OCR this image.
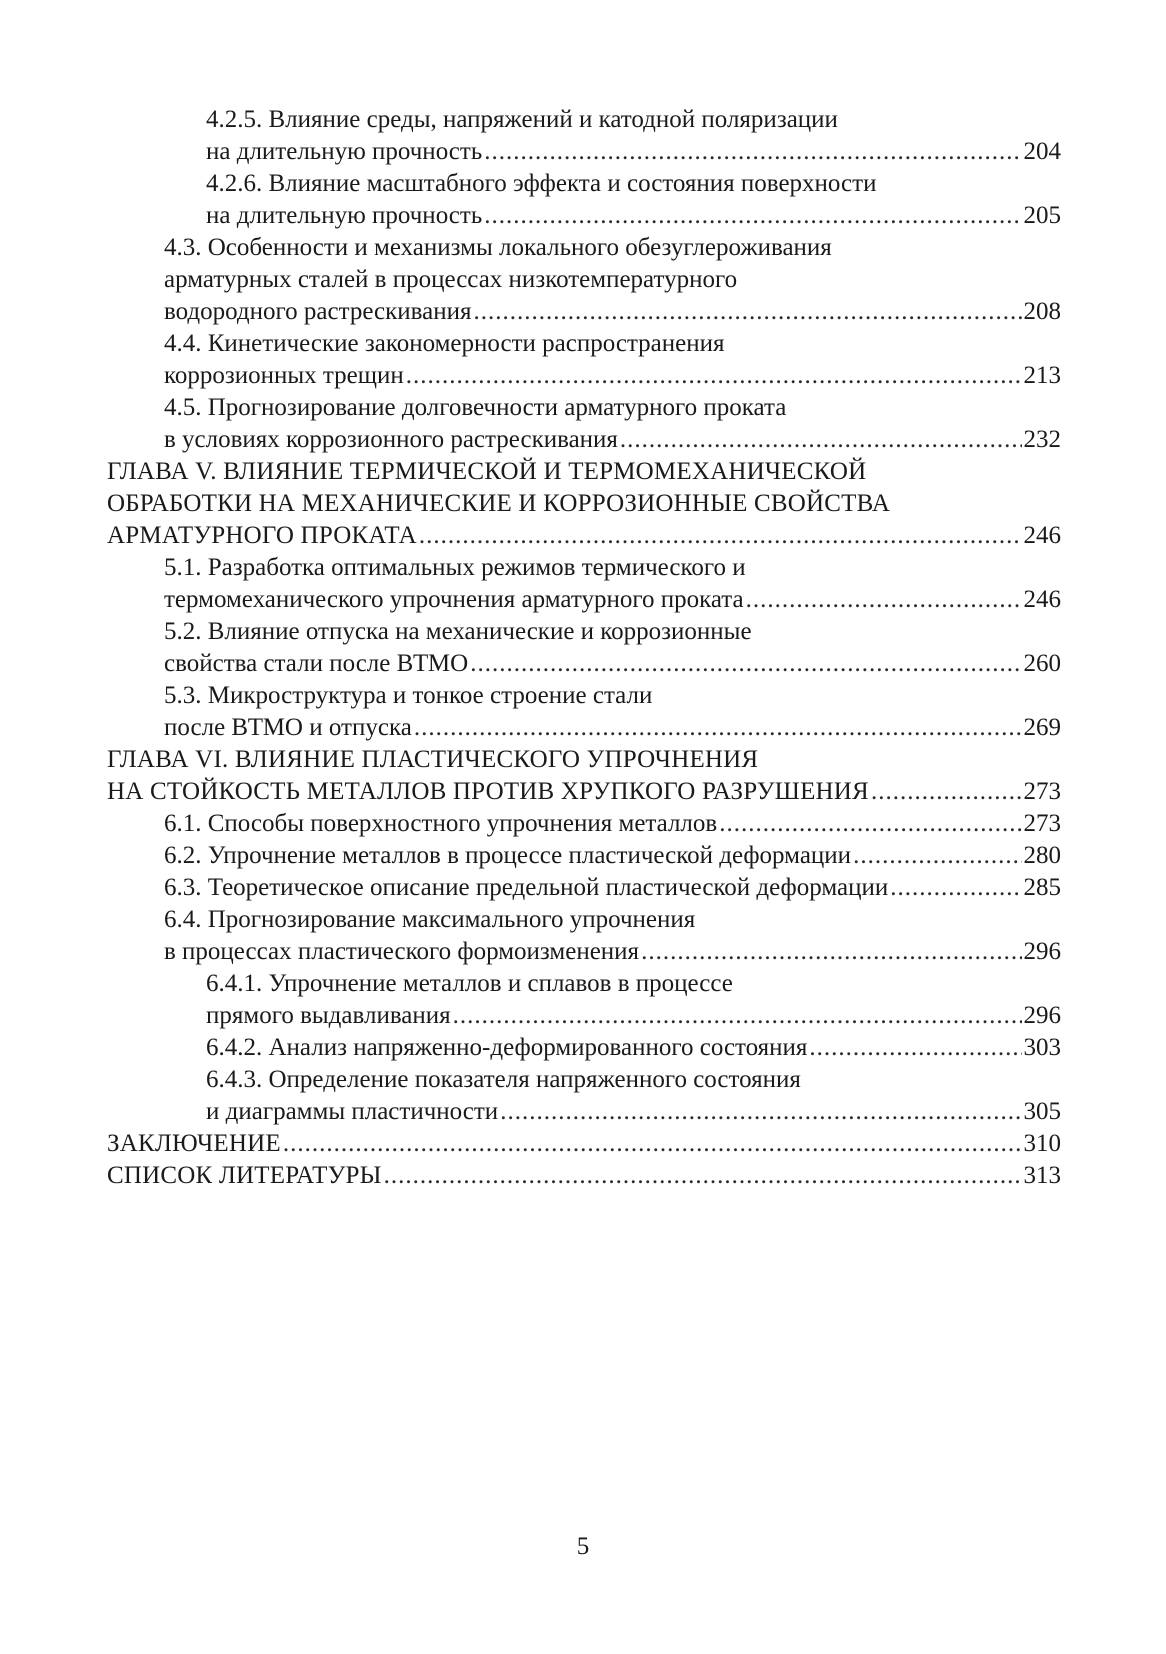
4.2.5. Влияние среды, напряжений и катодной поляризации
на длительную прочность .....	204
4.2.6. Влияние масштабного эффекта и состояния поверхности
на длительную прочность .....	205
4.3. Особенности и механизмы локального обезуглероживания
арматурных сталей в процессах низкотемпературного
водородного растрескивания .....	208
4.4. Кинетические закономерности распространения
коррозионных трещин .....	213
4.5. Прогнозирование долговечности арматурного проката
в условиях коррозионного растрескивания .....	232
ГЛАВА V. ВЛИЯНИЕ ТЕРМИЧЕСКОЙ И ТЕРМОМЕХАНИЧЕСКОЙ
ОБРАБОТКИ НА МЕХАНИЧЕСКИЕ И КОРРОЗИОННЫЕ СВОЙСТВА
АРМАТУРНОГО ПРОКАТА .....	246
5.1. Разработка оптимальных режимов термического и
термомеханического упрочнения арматурного проката .....	246
5.2. Влияние отпуска на механические и коррозионные
свойства стали после ВТМО .....	260
5.3. Микроструктура и тонкое строение стали
после ВТМО и отпуска .....	269
ГЛАВА VI. ВЛИЯНИЕ ПЛАСТИЧЕСКОГО УПРОЧНЕНИЯ
НА СТОЙКОСТЬ МЕТАЛЛОВ ПРОТИВ ХРУПКОГО РАЗРУШЕНИЯ .....	273
6.1. Способы поверхностного упрочнения металлов .....	273
6.2. Упрочнение металлов в процессе пластической деформации .....	280
6.3. Теоретическое описание предельной пластической деформации .....	285
6.4. Прогнозирование максимального упрочнения
в процессах пластического формоизменения .....	296
6.4.1. Упрочнение металлов и сплавов в процессе
прямого выдавливания .....	296
6.4.2. Анализ напряженно-деформированного состояния .....	303
6.4.3. Определение показателя напряженного состояния
и диаграммы пластичности .....	305
ЗАКЛЮЧЕНИЕ .....	310
СПИСОК ЛИТЕРАТУРЫ .....	313
5
